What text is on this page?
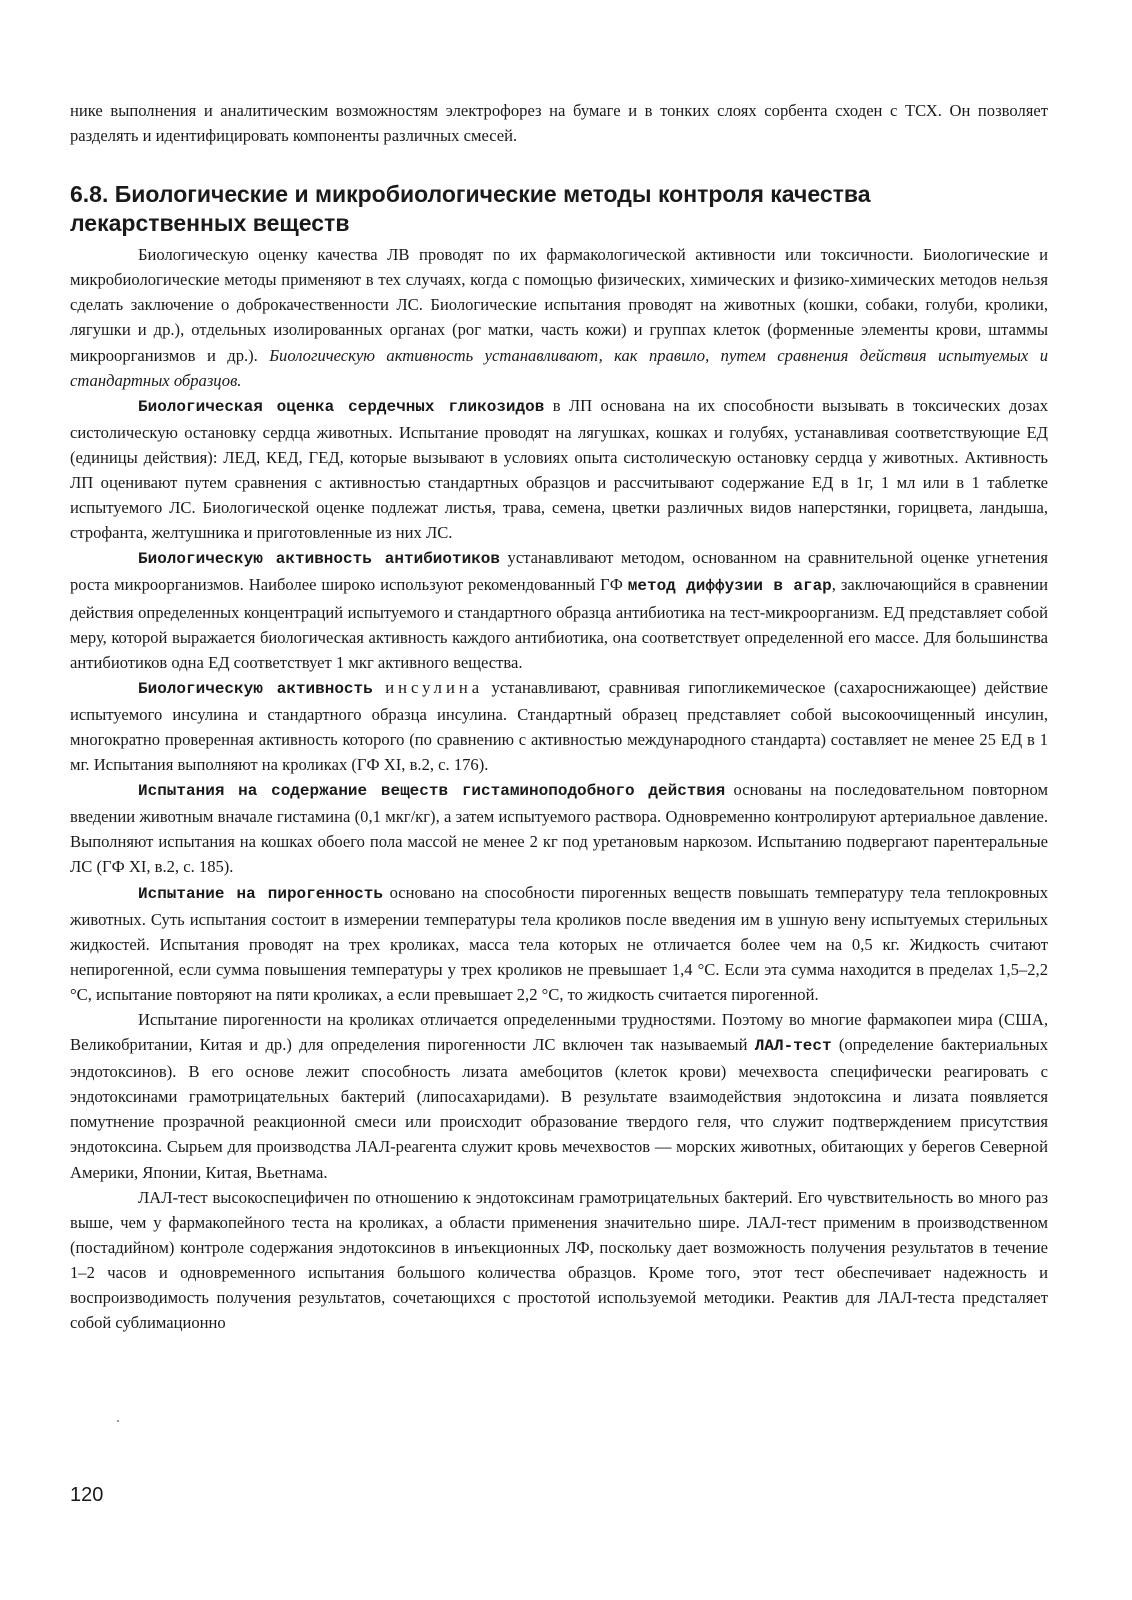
нике выполнения и аналитическим возможностям электрофорез на бумаге и в тонких слоях сорбента сходен с ТСХ. Он позволяет разделять и идентифицировать компоненты различных смесей.

6.8. Биологические и микробиологические методы контроля качества лекарственных веществ

Биологическую оценку качества ЛВ проводят по их фармакологической активности или токсичности. Биологические и микробиологические методы применяют в тех случаях, когда с помощью физических, химических и физико-химических методов нельзя сделать заключение о доброкачественности ЛС. Биологические испытания проводят на животных (кошки, собаки, голуби, кролики, лягушки и др.), отдельных изолированных органах (рог матки, часть кожи) и группах клеток (форменные элементы крови, штаммы микроорганизмов и др.). Биологическую активность устанавливают, как правило, путем сравнения действия испытуемых и стандартных образцов.

Биологическая оценка сердечных гликозидов в ЛП основана на их способности вызывать в токсических дозах систолическую остановку сердца животных. Испытание проводят на лягушках, кошках и голубях, устанавливая соответствующие ЕД (единицы действия): ЛЕД, КЕД, ГЕД, которые вызывают в условиях опыта систолическую остановку сердца у животных. Активность ЛП оценивают путем сравнения с активностью стандартных образцов и рассчитывают содержание ЕД в 1г, 1 мл или в 1 таблетке испытуемого ЛС. Биологической оценке подлежат листья, трава, семена, цветки различных видов наперстянки, горицвета, ландыша, строфанта, желтушника и приготовленные из них ЛС.

Биологическую активность антибиотиков устанавливают методом, основанном на сравнительной оценке угнетения роста микроорганизмов. Наиболее широко используют рекомендованный ГФ метод диффузии в агар, заключающийся в сравнении действия определенных концентраций испытуемого и стандартного образца антибиотика на тест-микроорганизм. ЕД представляет собой меру, которой выражается биологическая активность каждого антибиотика, она соответствует определенной его массе. Для большинства антибиотиков одна ЕД соответствует 1 мкг активного вещества.

Биологическую активность инсулина устанавливают, сравнивая гипогликемическое (сахароснижающее) действие испытуемого инсулина и стандартного образца инсулина. Стандартный образец представляет собой высокоочищенный инсулин, многократно проверенная активность которого (по сравнению с активностью международного стандарта) составляет не менее 25 ЕД в 1 мг. Испытания выполняют на кроликах (ГФ XI, в.2, с. 176).

Испытания на содержание веществ гистаминоподобного действия основаны на последовательном повторном введении животным вначале гистамина (0,1 мкг/кг), а затем испытуемого раствора. Одновременно контролируют артериальное давление. Выполняют испытания на кошках обоего пола массой не менее 2 кг под уретановым наркозом. Испытанию подвергают парентеральные ЛС (ГФ XI, в.2, с. 185).

Испытание на пирогенность основано на способности пирогенных веществ повышать температуру тела теплокровных животных. Суть испытания состоит в измерении температуры тела кроликов после введения им в ушную вену испытуемых стерильных жидкостей. Испытания проводят на трех кроликах, масса тела которых не отличается более чем на 0,5 кг. Жидкость считают непирогенной, если сумма повышения температуры у трех кроликов не превышает 1,4 °С. Если эта сумма находится в пределах 1,5–2,2 °С, испытание повторяют на пяти кроликах, а если превышает 2,2 °С, то жидкость считается пирогенной.

Испытание пирогенности на кроликах отличается определенными трудностями. Поэтому во многие фармакопеи мира (США, Великобритании, Китая и др.) для определения пирогенности ЛС включен так называемый ЛАЛ-тест (определение бактериальных эндотоксинов). В его основе лежит способность лизата амебоцитов (клеток крови) мечехвоста специфически реагировать с эндотоксинами грамотрицательных бактерий (липосахаридами). В результате взаимодействия эндотоксина и лизата появляется помутнение прозрачной реакционной смеси или происходит образование твердого геля, что служит подтверждением присутствия эндотоксина. Сырьем для производства ЛАЛ-реагента служит кровь мечехвостов — морских животных, обитающих у берегов Северной Америки, Японии, Китая, Вьетнама.

ЛАЛ-тест высокоспецифичен по отношению к эндотоксинам грамотрицательных бактерий. Его чувствительность во много раз выше, чем у фармакопейного теста на кроликах, а области применения значительно шире. ЛАЛ-тест применим в производственном (постадийном) контроле содержания эндотоксинов в инъекционных ЛФ, поскольку дает возможность получения результатов в течение 1–2 часов и одновременного испытания большого количества образцов. Кроме того, этот тест обеспечивает надежность и воспроизводимость получения результатов, сочетающихся с простотой используемой методики. Реактив для ЛАЛ-теста предсталяет собой сублимационно

120
